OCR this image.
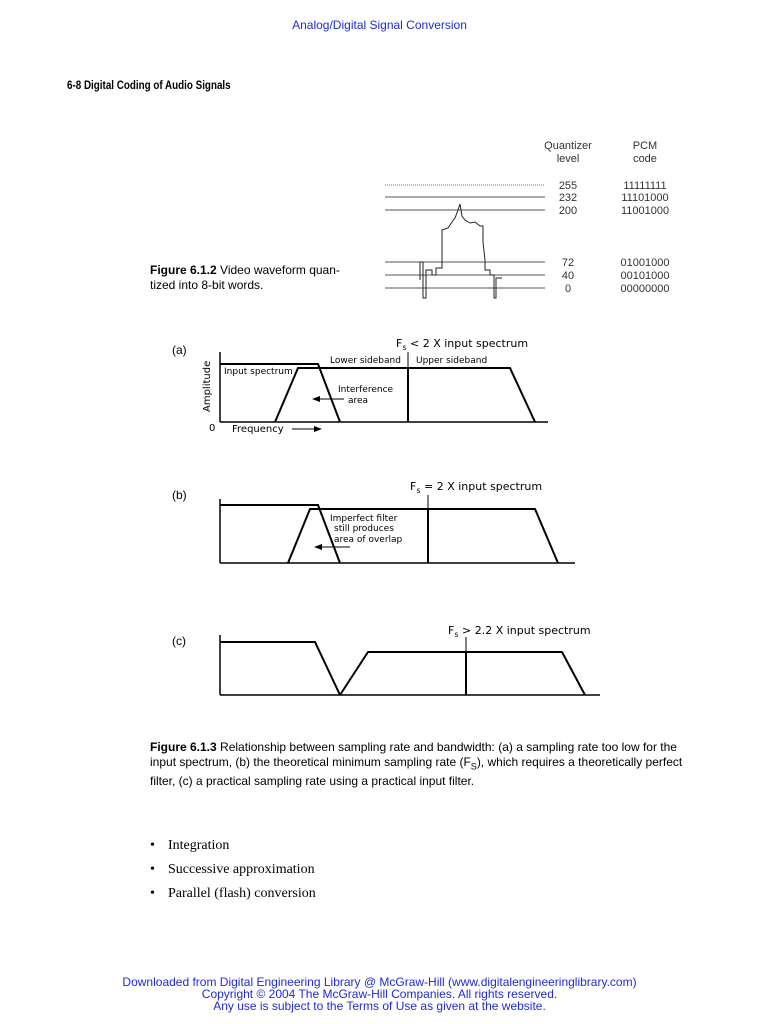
Analog/Digital Signal Conversion
6-8 Digital Coding of Audio Signals
Figure 6.1.2 Video waveform quan-tized into 8-bit words.
Quantizer
level
PCM
code
255
232
200
72
40
0
11111111
11101000
11001000
01001000
00101000
00000000
(a)
(b)
(c)
$F_s < 2$ X input spectrum
Lower sideband Upper sideband
Input spectrum
Interference
area
Amplitude
0 Frequency
$F_s = 2$ X input spectrum
Imperfect filter
still produces
area of overlap
$F_s > 2.2$ X input spectrum
Figure 6.1.3 Relationship between sampling rate and bandwidth: (a) a sampling rate too low for the input spectrum, (b) the theoretical minimum sampling rate $(F_S)$, which requires a theoretically perfect filter, (c) a practical sampling rate using a practical input filter.
• Integration
• Successive approximation
• Parallel (flash) conversion
Downloaded from Digital Engineering Library @ McGraw-Hill (www.digitalengineeringlibrary.com)
Copyright © 2004 The McGraw-Hill Companies. All rights reserved.
Any use is subject to the Terms of Use as given at the website.
